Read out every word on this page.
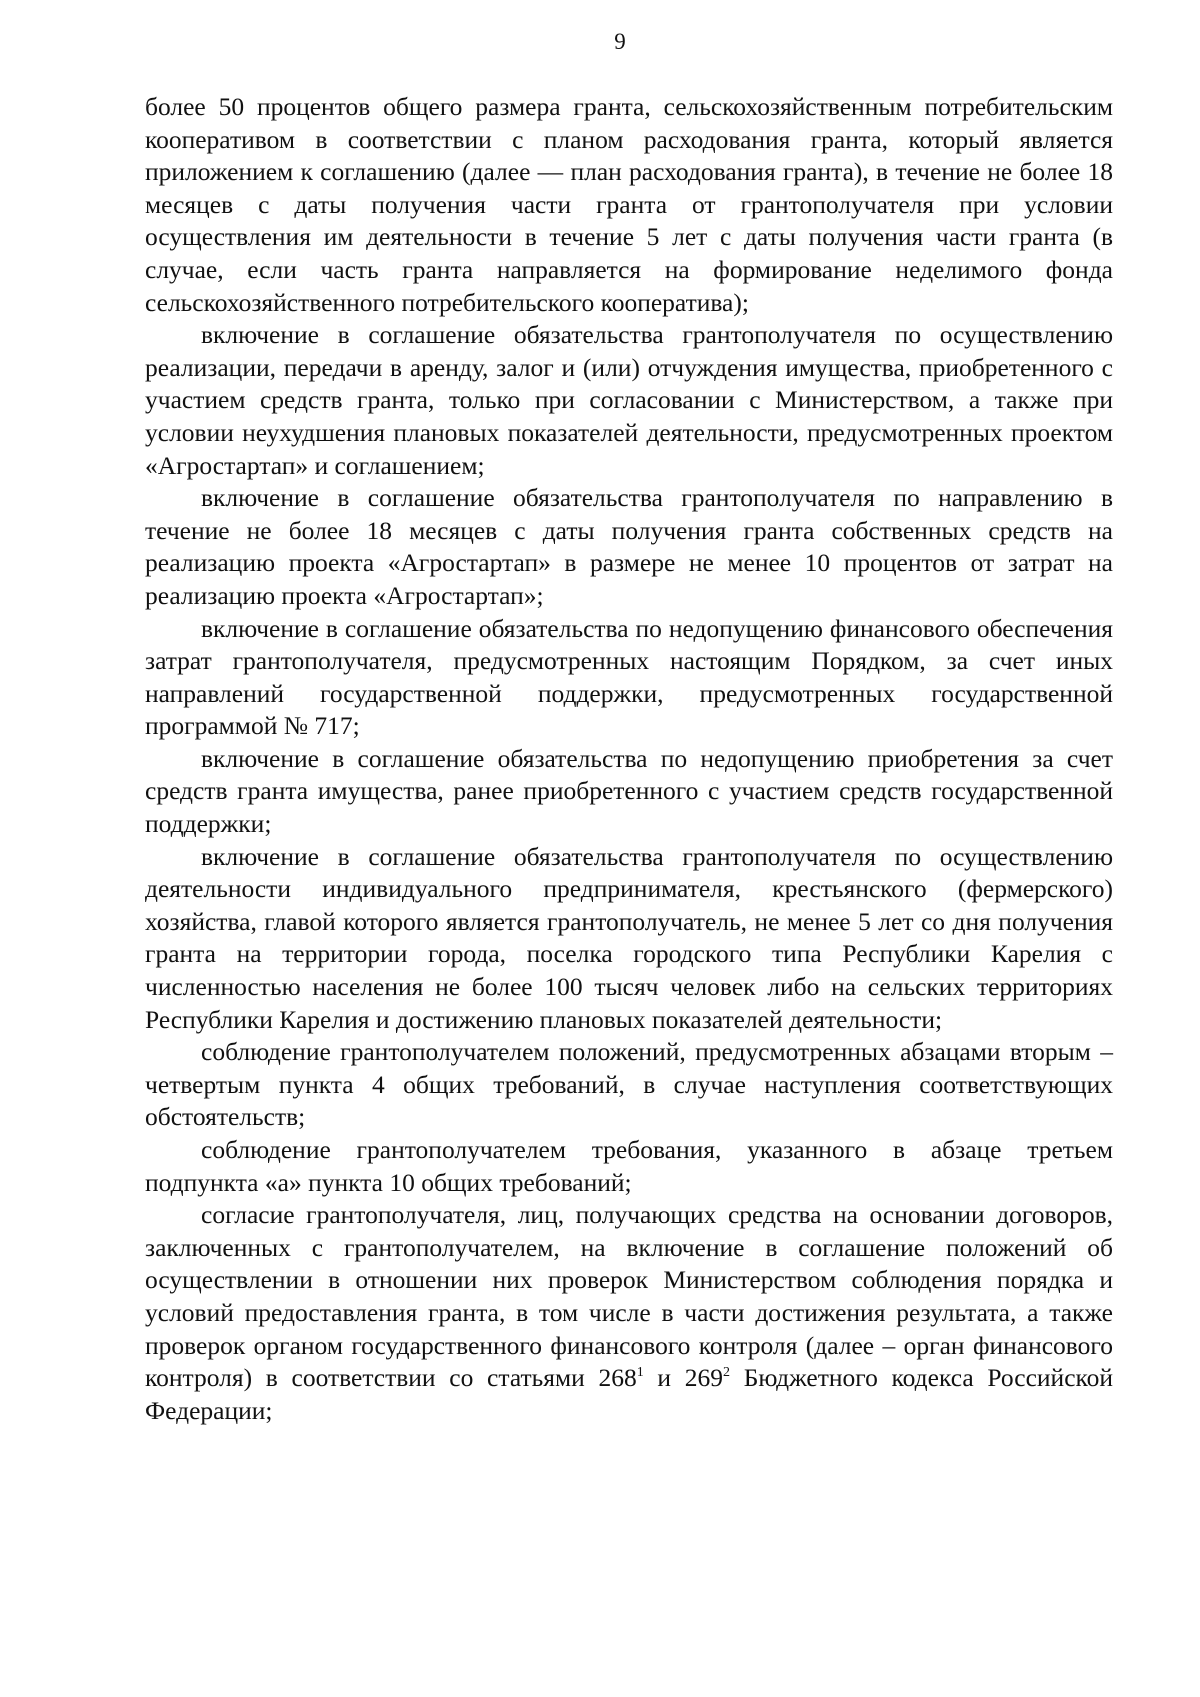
9

более 50 процентов общего размера гранта, сельскохозяйственным потребительским кооперативом в соответствии с планом расходования гранта, который является приложением к соглашению (далее — план расходования гранта), в течение не более 18 месяцев с даты получения части гранта от грантополучателя при условии осуществления им деятельности в течение 5 лет с даты получения части гранта (в случае, если часть гранта направляется на формирование неделимого фонда сельскохозяйственного потребительского кооператива);

включение в соглашение обязательства грантополучателя по осуществлению реализации, передачи в аренду, залог и (или) отчуждения имущества, приобретенного с участием средств гранта, только при согласовании с Министерством, а также при условии неухудшения плановых показателей деятельности, предусмотренных проектом «Агростартап» и соглашением;

включение в соглашение обязательства грантополучателя по направлению в течение не более 18 месяцев с даты получения гранта собственных средств на реализацию проекта «Агростартап» в размере не менее 10 процентов от затрат на реализацию проекта «Агростартап»;

включение в соглашение обязательства по недопущению финансового обеспечения затрат грантополучателя, предусмотренных настоящим Порядком, за счет иных направлений государственной поддержки, предусмотренных государственной программой № 717;

включение в соглашение обязательства по недопущению приобретения за счет средств гранта имущества, ранее приобретенного с участием средств государственной поддержки;

включение в соглашение обязательства грантополучателя по осуществлению деятельности индивидуального предпринимателя, крестьянского (фермерского) хозяйства, главой которого является грантополучатель, не менее 5 лет со дня получения гранта на территории города, поселка городского типа Республики Карелия с численностью населения не более 100 тысяч человек либо на сельских территориях Республики Карелия и достижению плановых показателей деятельности;

соблюдение грантополучателем положений, предусмотренных абзацами вторым – четвертым пункта 4 общих требований, в случае наступления соответствующих обстоятельств;

соблюдение грантополучателем требования, указанного в абзаце третьем подпункта «а» пункта 10 общих требований;

согласие грантополучателя, лиц, получающих средства на основании договоров, заключенных с грантополучателем, на включение в соглашение положений об осуществлении в отношении них проверок Министерством соблюдения порядка и условий предоставления гранта, в том числе в части достижения результата, а также проверок органом государственного финансового контроля (далее – орган финансового контроля) в соответствии со статьями $268^1$ и $269^2$ Бюджетного кодекса Российской Федерации;
